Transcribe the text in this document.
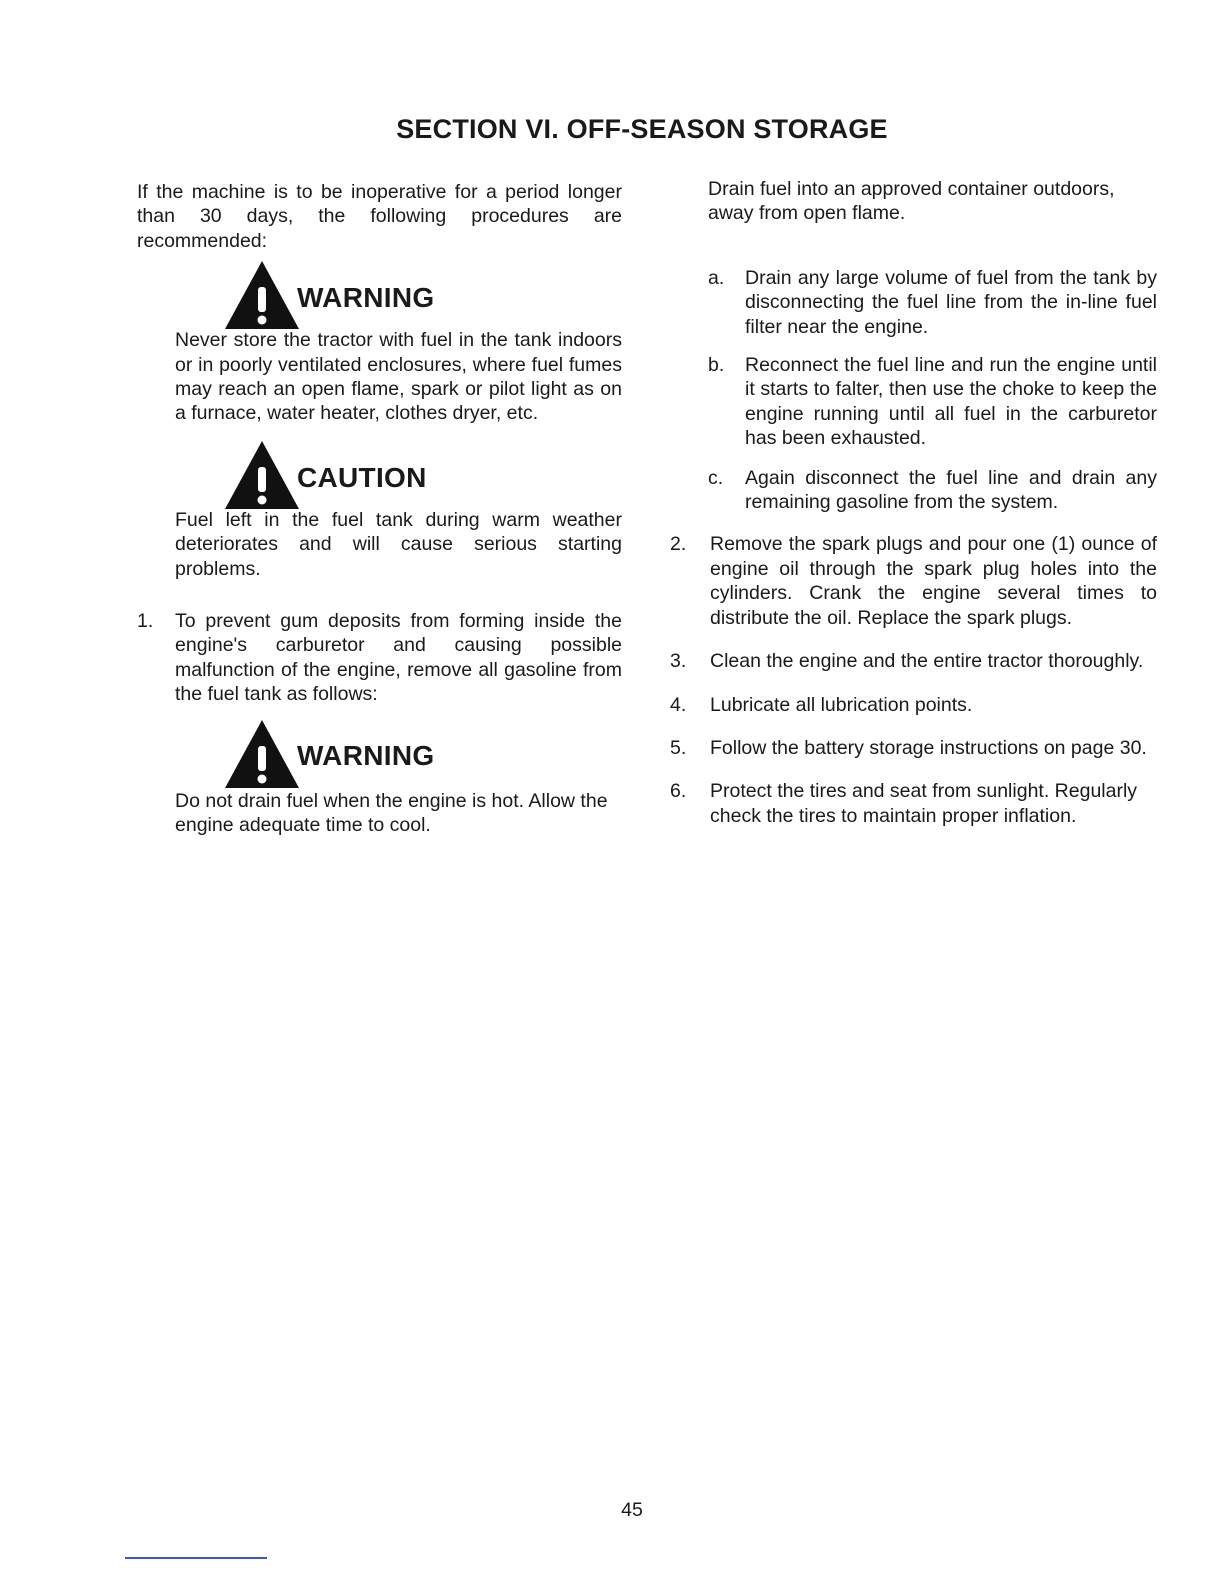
SECTION VI. OFF-SEASON STORAGE

If the machine is to be inoperative for a period longer than 30 days, the following procedures are recommended:

WARNING

Never store the tractor with fuel in the tank indoors or in poorly ventilated enclosures, where fuel fumes may reach an open flame, spark or pilot light as on a furnace, water heater, clothes dryer, etc.

CAUTION

Fuel left in the fuel tank during warm weather deteriorates and will cause serious starting problems.

1.	To prevent gum deposits from forming inside the engine's carburetor and causing possible malfunction of the engine, remove all gasoline from the fuel tank as follows:
WARNING

Do not drain fuel when the engine is hot. Allow the engine adequate time to cool.

Drain fuel into an approved container outdoors, away from open flame.

a.	Drain any large volume of fuel from the tank by disconnecting the fuel line from the in-line fuel filter near the engine.
b.	Reconnect the fuel line and run the engine until it starts to falter, then use the choke to keep the engine running until all fuel in the carburetor has been exhausted.
c.	Again disconnect the fuel line and drain any remaining gasoline from the system.
2.	Remove the spark plugs and pour one (1) ounce of engine oil through the spark plug holes into the cylinders. Crank the engine several times to distribute the oil. Replace the spark plugs.
3.	Clean the engine and the entire tractor thoroughly.
4.	Lubricate all lubrication points.
5.	Follow the battery storage instructions on page 30.
6.	Protect the tires and seat from sunlight. Regularly check the tires to maintain proper inflation.
45
